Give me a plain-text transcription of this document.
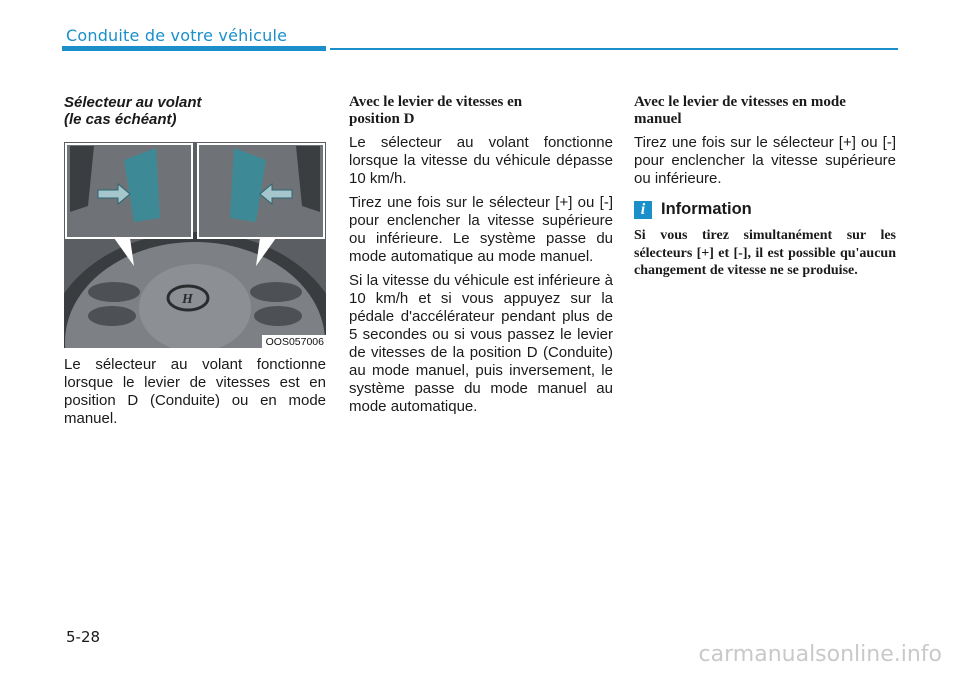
Conduite de votre véhicule
Sélecteur au volant
(le cas échéant)
H
OOS057006

Le sélecteur au volant fonctionne lorsque le levier de vitesses est en position D (Conduite) ou en mode manuel.

Avec le levier de vitesses en
position D

Le sélecteur au volant fonctionne lorsque la vitesse du véhicule dépasse 10 km/h.

Tirez une fois sur le sélecteur [+] ou [-] pour enclencher la vitesse supérieure ou inférieure. Le système passe du mode automatique au mode manuel.

Si la vitesse du véhicule est inférieure à 10 km/h et si vous appuyez sur la pédale d'accélérateur pendant plus de 5 secondes ou si vous passez le levier de vitesses de la position D (Conduite) au mode manuel, puis inversement, le système passe du mode manuel au mode automatique.

Avec le levier de vitesses en mode
manuel

Tirez une fois sur le sélecteur [+] ou [-] pour enclencher la vitesse supérieure ou inférieure.

i Information

Si vous tirez simultanément sur les sélecteurs [+] et [-], il est possible qu'aucun changement de vitesse ne se produise.

5-28
carmanualsonline.info
